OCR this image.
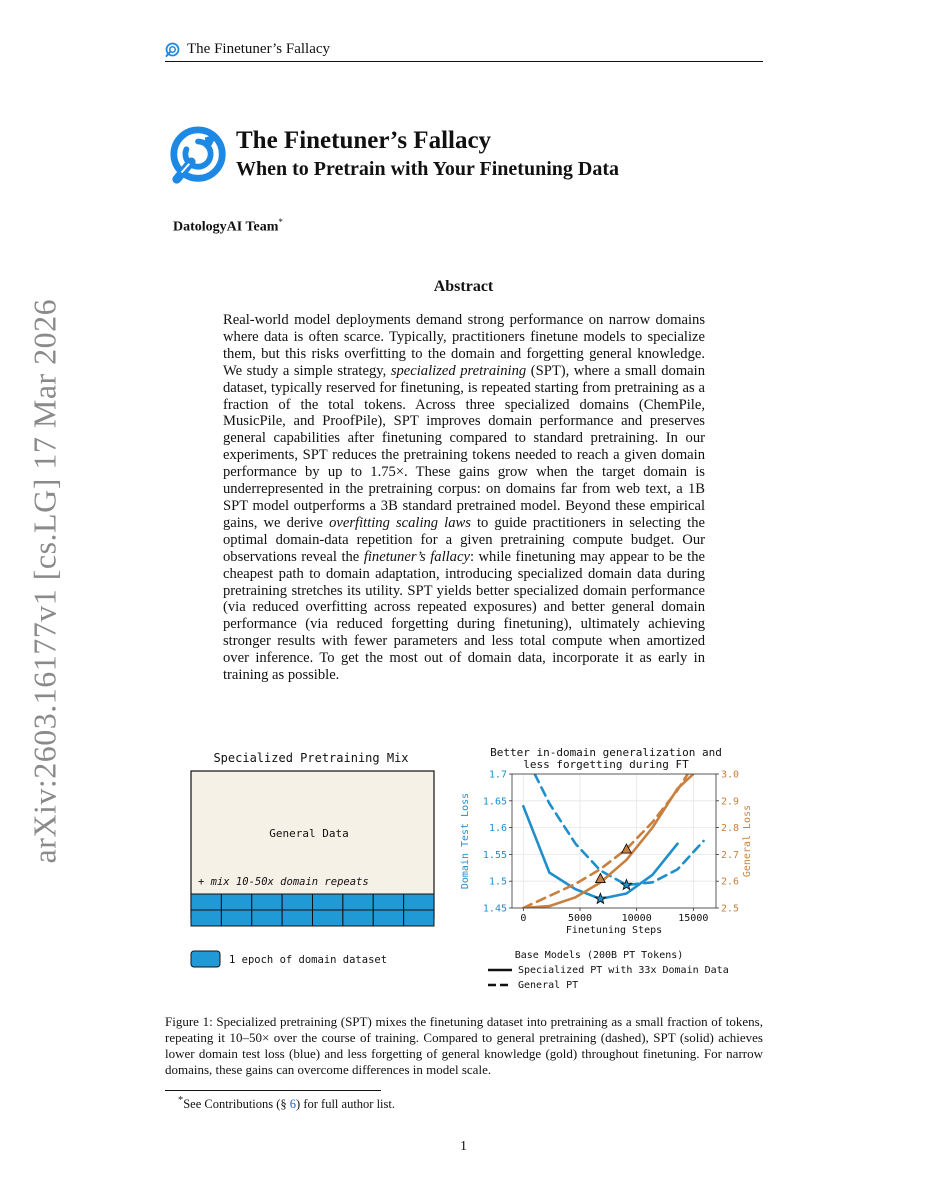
arXiv:2603.16177v1 [cs.LG] 17 Mar 2026
The Finetuner’s Fallacy
The Finetuner’s Fallacy
When to Pretrain with Your Finetuning Data
DatologyAI Team*
Abstract
Real-world model deployments demand strong performance on narrow domains where data is often scarce. Typically, practitioners finetune models to specialize them, but this risks overfitting to the domain and forgetting general knowledge. We study a simple strategy, specialized pretraining (SPT), where a small domain dataset, typically reserved for finetuning, is repeated starting from pretraining as a fraction of the total tokens. Across three specialized domains (ChemPile, MusicPile, and ProofPile), SPT improves domain performance and preserves general capabilities after finetuning compared to standard pretraining. In our experiments, SPT reduces the pretraining tokens needed to reach a given domain performance by up to 1.75×. These gains grow when the target domain is underrepresented in the pretraining corpus: on domains far from web text, a 1B SPT model outperforms a 3B standard pretrained model. Beyond these empirical gains, we derive overfitting scaling laws to guide practitioners in selecting the optimal domain-data repetition for a given pretraining compute budget. Our observations reveal the finetuner’s fallacy: while finetuning may appear to be the cheapest path to domain adaptation, introducing specialized domain data during pretraining stretches its utility. SPT yields better specialized domain performance (via reduced overfitting across repeated exposures) and better general domain performance (via reduced forgetting during finetuning), ultimately achieving stronger results with fewer parameters and less total compute when amortized over inference. To get the most out of domain data, incorporate it as early in training as possible.
Specialized Pretraining Mix
General Data
+ mix 10-50x domain repeats
1 epoch of domain dataset
Better in-domain generalization and
less forgetting during FT
0	5000	10000	15000
Finetuning Steps
1.45
1.5
1.55
1.6
1.65
1.7
Domain Test Loss
2.5
2.6
2.7
2.8
2.9
3.0
General Loss
Base Models (200B PT Tokens)
Specialized PT with 33x Domain Data
General PT
Figure 1: Specialized pretraining (SPT) mixes the finetuning dataset into pretraining as a small fraction of tokens, repeating it 10–50× over the course of training. Compared to general pretraining (dashed), SPT (solid) achieves lower domain test loss (blue) and less forgetting of general knowledge (gold) throughout finetuning. For narrow domains, these gains can overcome differences in model scale.
*See Contributions (§ 6) for full author list.
1
